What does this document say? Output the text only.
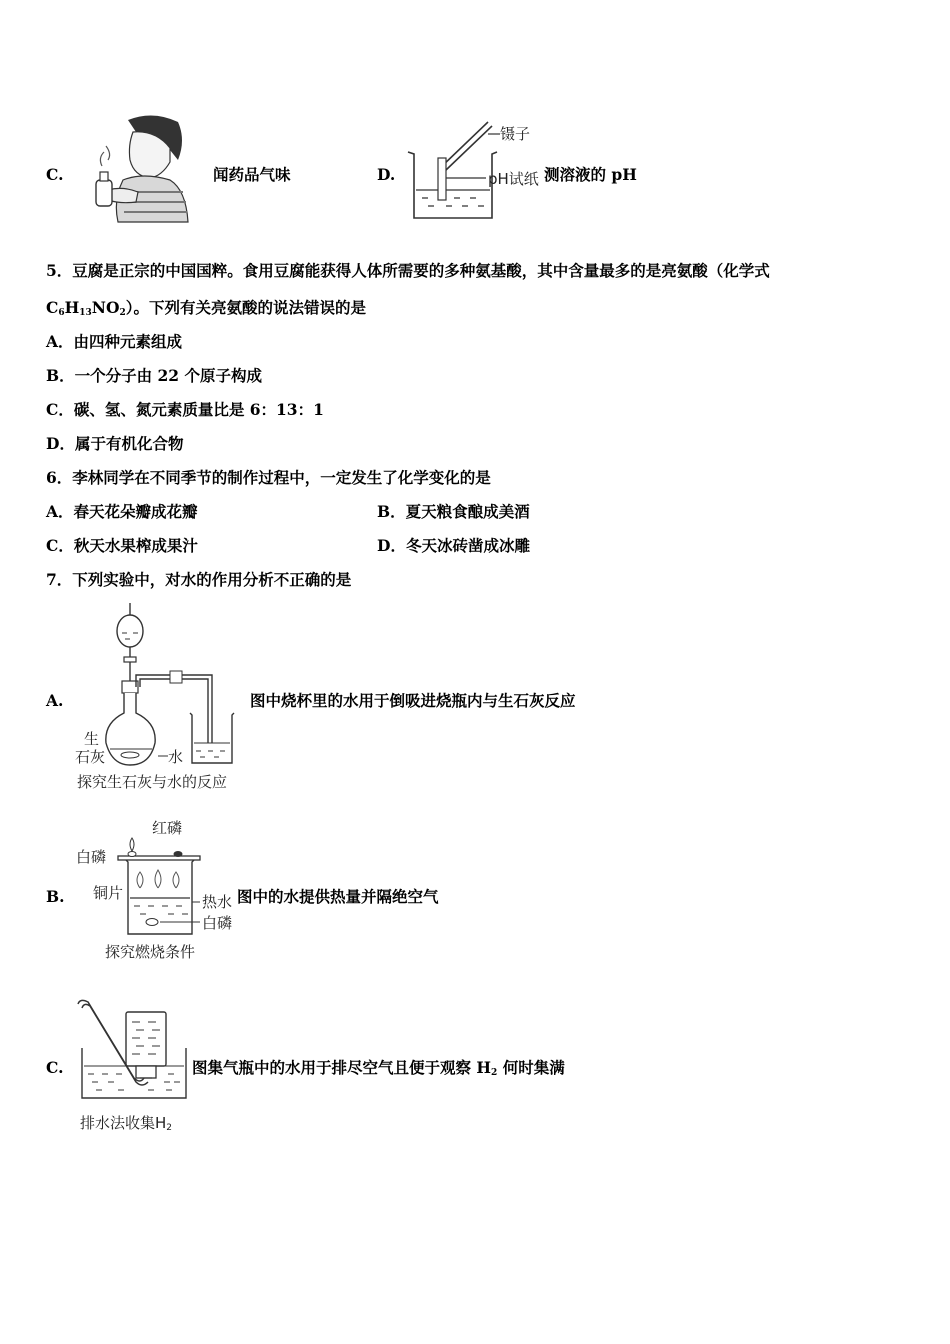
C.	闻药品气味	D.
镊子
pH试纸 测溶液的 pH
5．豆腐是正宗的中国国粹。食用豆腐能获得人体所需要的多种氨基酸，其中含量最多的是亮氨酸（化学式
$C_6H_{13}NO_2$）。下列有关亮氨酸的说法错误的是
A．由四种元素组成
B．一个分子由 22 个原子构成
C．碳、氢、氮元素质量比是 6：13：1
D．属于有机化合物
6．李林同学在不同季节的制作过程中，一定发生了化学变化的是
A．春天花朵瓣成花瓣	B．夏天粮食酿成美酒
C．秋天水果榨成果汁	D．冬天冰砖凿成冰雕
7．下列实验中，对水的作用分析不正确的是
A.
生
石灰	水
探究生石灰与水的反应
图中烧杯里的水用于倒吸进烧瓶内与生石灰反应
B.
红磷
白磷
铜片	热水
白磷
探究燃烧条件
图中的水提供热量并隔绝空气
C.
排水法收集$H_2$
图集气瓶中的水用于排尽空气且便于观察 $H_2$ 何时集满
